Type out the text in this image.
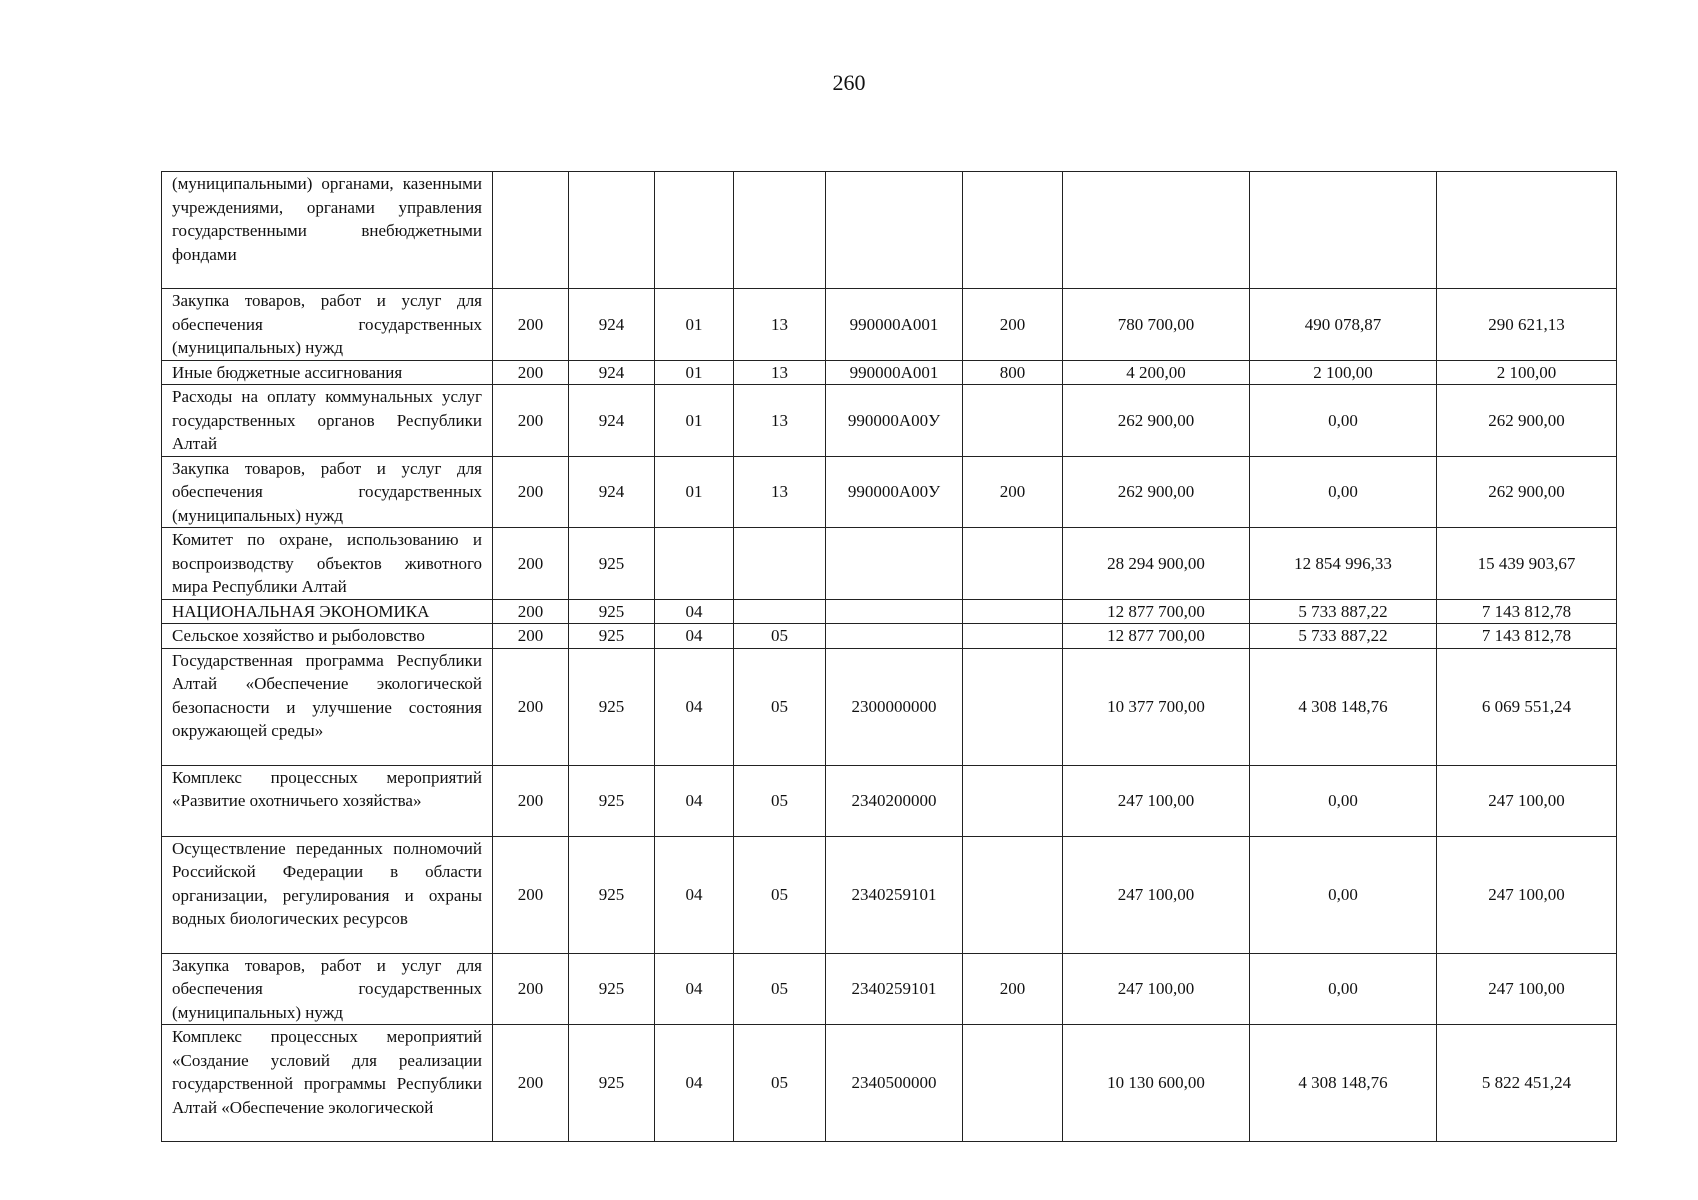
260
(муниципальными) органами, казенными учреждениями, органами управления государственными внебюджетными фондами									
Закупка товаров, работ и услуг для обеспечения государственных (муниципальных) нужд	200	924	01	13	990000А001	200	780 700,00	490 078,87	290 621,13
Иные бюджетные ассигнования	200	924	01	13	990000А001	800	4 200,00	2 100,00	2 100,00
Расходы на оплату коммунальных услуг государственных органов Республики Алтай	200	924	01	13	990000А00У		262 900,00	0,00	262 900,00
Закупка товаров, работ и услуг для обеспечения государственных (муниципальных) нужд	200	924	01	13	990000А00У	200	262 900,00	0,00	262 900,00
Комитет по охране, использованию и воспроизводству объектов животного мира Республики Алтай	200	925					28 294 900,00	12 854 996,33	15 439 903,67
НАЦИОНАЛЬНАЯ ЭКОНОМИКА	200	925	04				12 877 700,00	5 733 887,22	7 143 812,78
Сельское хозяйство и рыболовство	200	925	04	05			12 877 700,00	5 733 887,22	7 143 812,78
Государственная программа Республики Алтай «Обеспечение экологической безопасности и улучшение состояния окружающей среды»	200	925	04	05	2300000000		10 377 700,00	4 308 148,76	6 069 551,24
Комплекс процессных мероприятий «Развитие охотничьего хозяйства»	200	925	04	05	2340200000		247 100,00	0,00	247 100,00
Осуществление переданных полномочий Российской Федерации в области организации, регулирования и охраны водных биологических ресурсов	200	925	04	05	2340259101		247 100,00	0,00	247 100,00
Закупка товаров, работ и услуг для обеспечения государственных (муниципальных) нужд	200	925	04	05	2340259101	200	247 100,00	0,00	247 100,00
Комплекс процессных мероприятий «Создание условий для реализации государственной программы Республики Алтай «Обеспечение экологической	200	925	04	05	2340500000		10 130 600,00	4 308 148,76	5 822 451,24
